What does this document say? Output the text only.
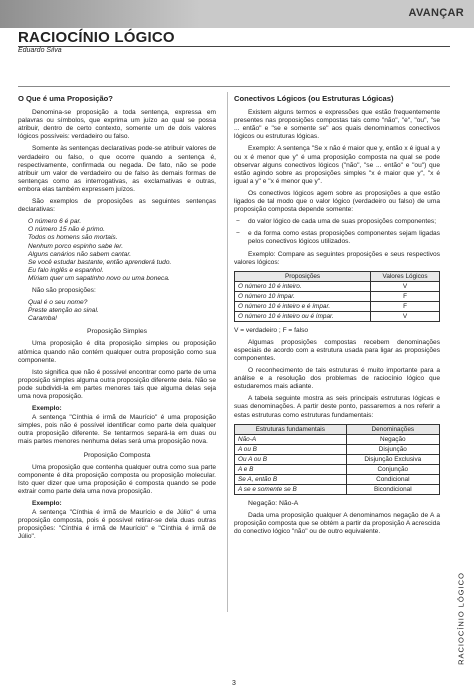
AVANÇAR
RACIOCÍNIO LÓGICO
Eduardo Silva
O Que é uma Proposição?

Denomina-se proposição a toda sentença, expressa em palavras ou símbolos, que exprima um juízo ao qual se possa atribuir, dentro de certo contexto, somente um de dois valores lógicos possíveis: verdadeiro ou falso.

Somente às sentenças declarativas pode-se atribuir valores de verdadeiro ou falso, o que ocorre quando a sentença é, respectivamente, confirmada ou negada. De fato, não se pode atribuir um valor de verdadeiro ou de falso às demais formas de sentenças como as interrogativas, as exclamativas e outras, embora elas também expressem juízos.

São exemplos de proposições as seguintes sentenças declarativas:

O número 6 é par.
O número 15 não é primo.
Todos os homens são mortais.
Nenhum porco espinho sabe ler.
Alguns canários não sabem cantar.
Se você estudar bastante, então aprenderá tudo.
Eu falo inglês e espanhol.
Míriam quer um sapatinho novo ou uma boneca.

Não são proposições:

Qual é o seu nome?
Preste atenção ao sinal.
Caramba!
Proposição Simples

Uma proposição é dita proposição simples ou proposição atômica quando não contém qualquer outra proposição como sua componente.

Isto significa que não é possível encontrar como parte de uma proposição simples alguma outra proposição diferente dela. Não se pode subdividi-la em partes menores tais que alguma delas seja uma nova proposição.

Exemplo:

A sentença "Cínthia é irmã de Maurício" é uma proposição simples, pois não é possível identificar como parte dela qualquer outra proposição diferente. Se tentarmos separá-la em duas ou mais partes menores nenhuma delas será uma proposição nova.

Proposição Composta

Uma proposição que contenha qualquer outra como sua parte componente é dita proposição composta ou proposição molecular. Isto quer dizer que uma proposição é composta quando se pode extrair como parte dela uma nova proposição.

Exemplo:

A sentença "Cínthia é irmã de Maurício e de Júlio" é uma proposição composta, pois é possível retirar-se dela duas outras proposições: "Cínthia é irmã de Maurício" e "Cínthia é irmã de Júlio".

Conectivos Lógicos (ou Estruturas Lógicas)

Existem alguns termos e expressões que estão frequentemente presentes nas proposições compostas tais como "não", "e", "ou", "se ... então" e "se e somente se" aos quais denominamos conectivos lógicos ou estruturas lógicas.

Exemplo: A sentença "Se x não é maior que y, então x é igual a y ou x é menor que y" é uma proposição composta na qual se pode observar alguns conectivos lógicos ("não", "se ... então" e "ou") que estão agindo sobre as proposições simples "x é maior que y", "x é igual a y" e "x é menor que y".

Os conectivos lógicos agem sobre as proposições a que estão ligados de tal modo que o valor lógico (verdadeiro ou falso) de uma proposição composta depende somente:

− do valor lógico de cada uma de suas proposições componentes;

− e da forma como estas proposições componentes sejam ligadas pelos conectivos lógicos utilizados.

Exemplo: Compare as seguintes proposições e seus respectivos valores lógicos:

Proposições	Valores Lógicos
O número 10 é inteiro.	V
O número 10 ímpar.	F
O número 10 é inteiro e é ímpar.	F
O número 10 é inteiro ou é ímpar.	V

V = verdadeiro ; F = falso

Algumas proposições compostas recebem denominações especiais de acordo com a estrutura usada para ligar as proposições componentes.

O reconhecimento de tais estruturas é muito importante para a análise e a resolução dos problemas de raciocínio lógico que estudaremos mais adiante.

A tabela seguinte mostra as seis principais estruturas lógicas e suas denominações. A partir deste ponto, passaremos a nos referir a estas estruturas como estruturas fundamentais:

Estruturas fundamentais	Denominações
Não-A	Negação
A ou B	Disjunção
Ou A ou B	Disjunção Exclusiva
A e B	Conjunção
Se A, então B	Condicional
A se e somente se B	Bicondicional
Negação: Não-A

Dada uma proposição qualquer A denominamos negação de A a proposição composta que se obtém a partir da proposição A acrescida do conectivo lógico "não" ou de outro equivalente.

RACIOCÍNIO LÓGICO
3
